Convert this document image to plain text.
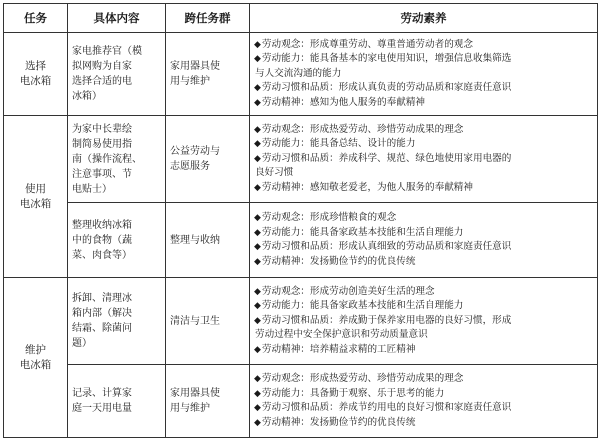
任务	具体内容	跨任务群	劳动素养

选择
电冰箱	家电推荐官（模
拟网购为自家
选择合适的电
冰箱）	家用器具使
用与维护	◆劳动观念：形成尊重劳动、尊重普通劳动者的观念
◆劳动能力：能具备基本的家电使用知识，增强信息收集筛选
与人交流沟通的能力
◆劳动习惯和品质：形成认真负责的劳动品质和家庭责任意识
◆劳动精神：感知为他人服务的奉献精神

使用
电冰箱	为家中长辈绘
制简易使用指
南（操作流程、
注意事项、节
电贴士）	公益劳动与
志愿服务	◆劳动观念：形成热爱劳动、珍惜劳动成果的理念
◆劳动能力：能具备总结、设计的能力
◆劳动习惯和品质：养成科学、规范、绿色地使用家用电器的
良好习惯
◆劳动精神：感知敬老爱老，为他人服务的奉献精神

	整理收纳冰箱
中的食物（蔬
菜、肉食等）	整理与收纳	◆劳动观念：形成珍惜粮食的观念
◆劳动能力：能具备家政基本技能和生活自理能力
◆劳动习惯和品质：形成认真细致的劳动品质和家庭责任意识
◆劳动精神：发扬勤俭节约的优良传统

维护
电冰箱	拆卸、清理冰
箱内部（解决
结霜、除菌问
题）	清洁与卫生	◆劳动观念：形成劳动创造美好生活的理念
◆劳动能力：能具备家政基本技能和生活自理能力
◆劳动习惯和品质：养成勤于保养家用电器的良好习惯，形成
劳动过程中安全保护意识和劳动质量意识
◆劳动精神：培养精益求精的工匠精神

	记录、计算家
庭一天用电量	家用器具使
用与维护	◆劳动观念：形成热爱劳动、珍惜劳动成果的理念
◆劳动能力：具备勤于观察、乐于思考的能力
◆劳动习惯和品质：养成节约用电的良好习惯和家庭责任意识
◆劳动精神：发扬勤俭节约的优良传统
